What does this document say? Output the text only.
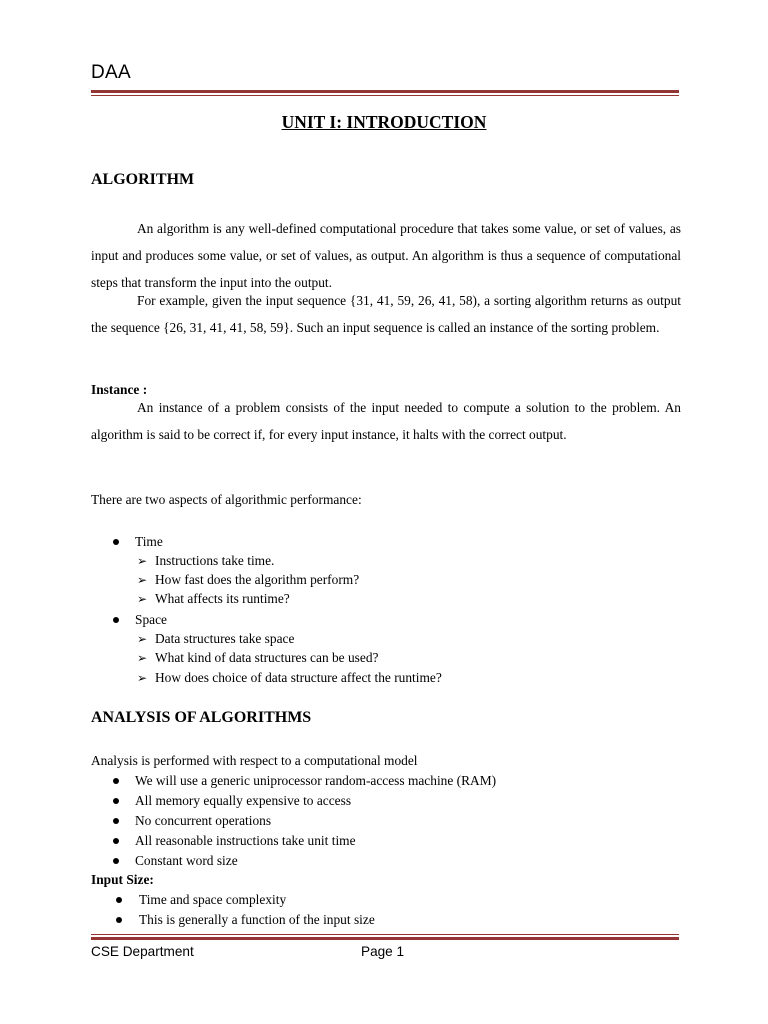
DAA
UNIT I: INTRODUCTION
ALGORITHM
An algorithm is any well-defined computational procedure that takes some value, or set of values, as input and produces some value, or set of values, as output. An algorithm is thus a sequence of computational steps that transform the input into the output.
For example, given the input sequence {31, 41, 59, 26, 41, 58), a sorting algorithm returns as output the sequence {26, 31, 41, 41, 58, 59}. Such an input sequence is called an instance of the sorting problem.
Instance :
An instance of a problem consists of the input needed to compute a solution to the problem. An algorithm is said to be correct if, for every input instance, it halts with the correct output.
There are two aspects of algorithmic performance:
Time
➢ Instructions take time.
➢ How fast does the algorithm perform?
➢ What affects its runtime?
Space
➢ Data structures take space
➢ What kind of data structures can be used?
➢ How does choice of data structure affect the runtime?
ANALYSIS OF ALGORITHMS
Analysis is performed with respect to a computational model
We will use a generic uniprocessor random-access machine (RAM)
All memory equally expensive to access
No concurrent operations
All reasonable instructions take unit time
Constant word size
Input Size:
Time and space complexity
This is generally a function of the input size
CSE Department	Page 1
